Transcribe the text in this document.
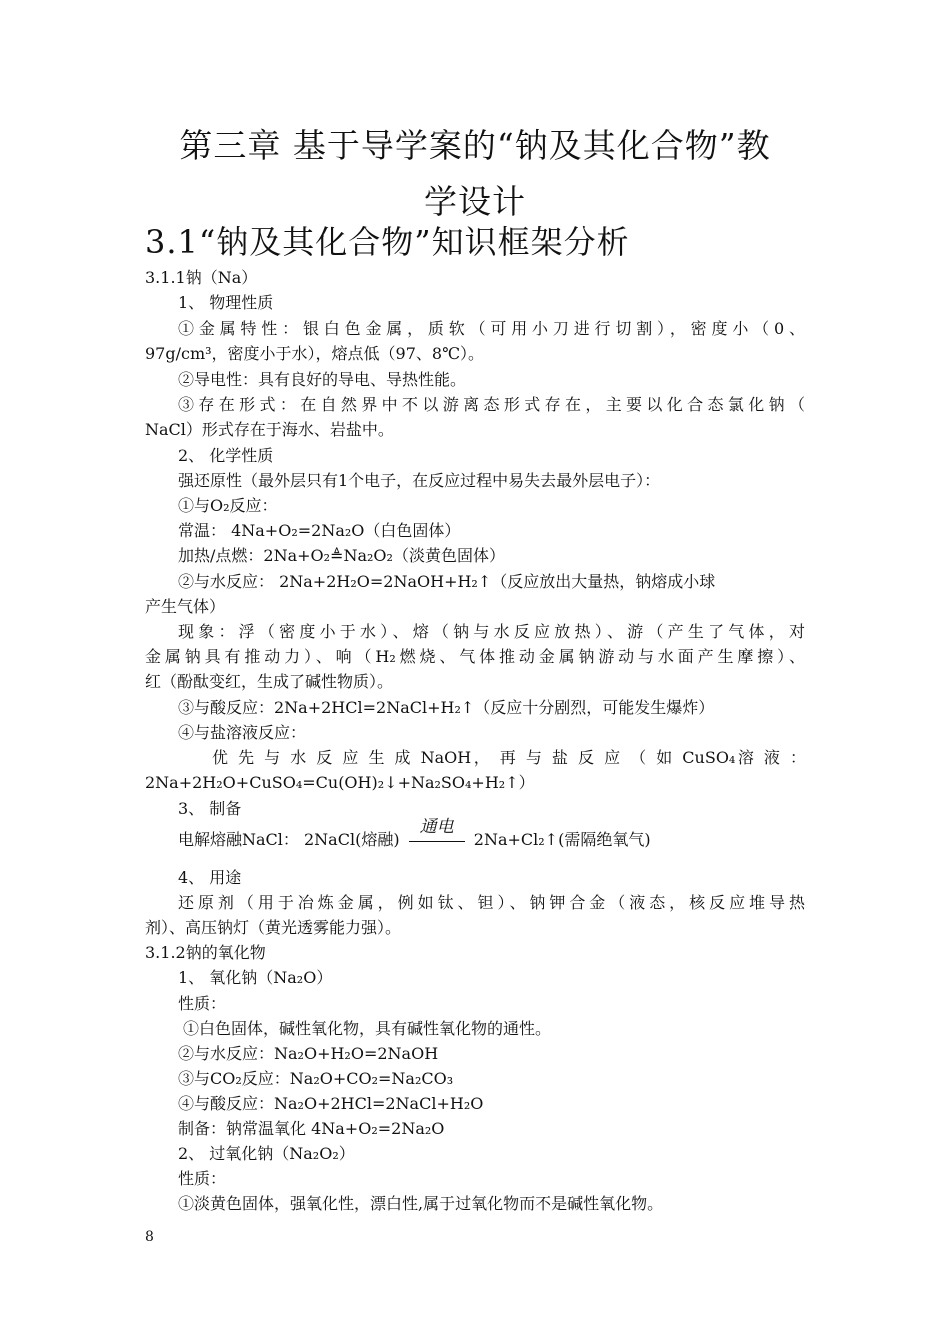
第三章 基于导学案的“钠及其化合物”教
学设计
3.1“钠及其化合物”知识框架分析
3.1.1钠（Na）
1、 物理性质
①金属特性：银白色金属，质软（可用小刀进行切割），密度小（0、
97g/cm³，密度小于水），熔点低（97、8℃）。
②导电性：具有良好的导电、导热性能。
③存在形式：在自然界中不以游离态形式存在，主要以化合态氯化钠（
NaCl）形式存在于海水、岩盐中。
2、 化学性质
强还原性（最外层只有1个电子，在反应过程中易失去最外层电子）：
①与O₂反应：
常温： 4Na+O₂=2Na₂O（白色固体）
加热/点燃：2Na+O₂≜Na₂O₂（淡黄色固体）
②与水反应： 2Na+2H₂O=2NaOH+H₂↑（反应放出大量热，钠熔成小球
产生气体）
现象：浮（密度小于水）、熔（钠与水反应放热）、游（产生了气体，对
金属钠具有推动力）、响（H₂燃烧、气体推动金属钠游动与水面产生摩擦）、
红（酚酞变红，生成了碱性物质）。
③与酸反应：2Na+2HCl=2NaCl+H₂↑（反应十分剧烈，可能发生爆炸）
④与盐溶液反应：
优 先 与 水 反 应 生 成 NaOH， 再 与 盐 反 应 （ 如 CuSO₄溶 液 ：
2Na+2H₂O+CuSO₄=Cu(OH)₂↓+Na₂SO₄+H₂↑）
3、 制备
电解熔融NaCl： 2NaCl(熔融)
通电
2Na+Cl₂↑(需隔绝氧气)
4、 用途
还原剂（用于冶炼金属，例如钛、钽）、钠钾合金（液态，核反应堆导热
剂）、高压钠灯（黄光透雾能力强）。
3.1.2钠的氧化物
1、 氧化钠（Na₂O）
性质：
①白色固体，碱性氧化物，具有碱性氧化物的通性。
②与水反应：Na₂O+H₂O=2NaOH
③与CO₂反应：Na₂O+CO₂=Na₂CO₃
④与酸反应：Na₂O+2HCl=2NaCl+H₂O
制备：钠常温氧化 4Na+O₂=2Na₂O
2、 过氧化钠（Na₂O₂）
性质：
①淡黄色固体，强氧化性，漂白性,属于过氧化物而不是碱性氧化物。
8
